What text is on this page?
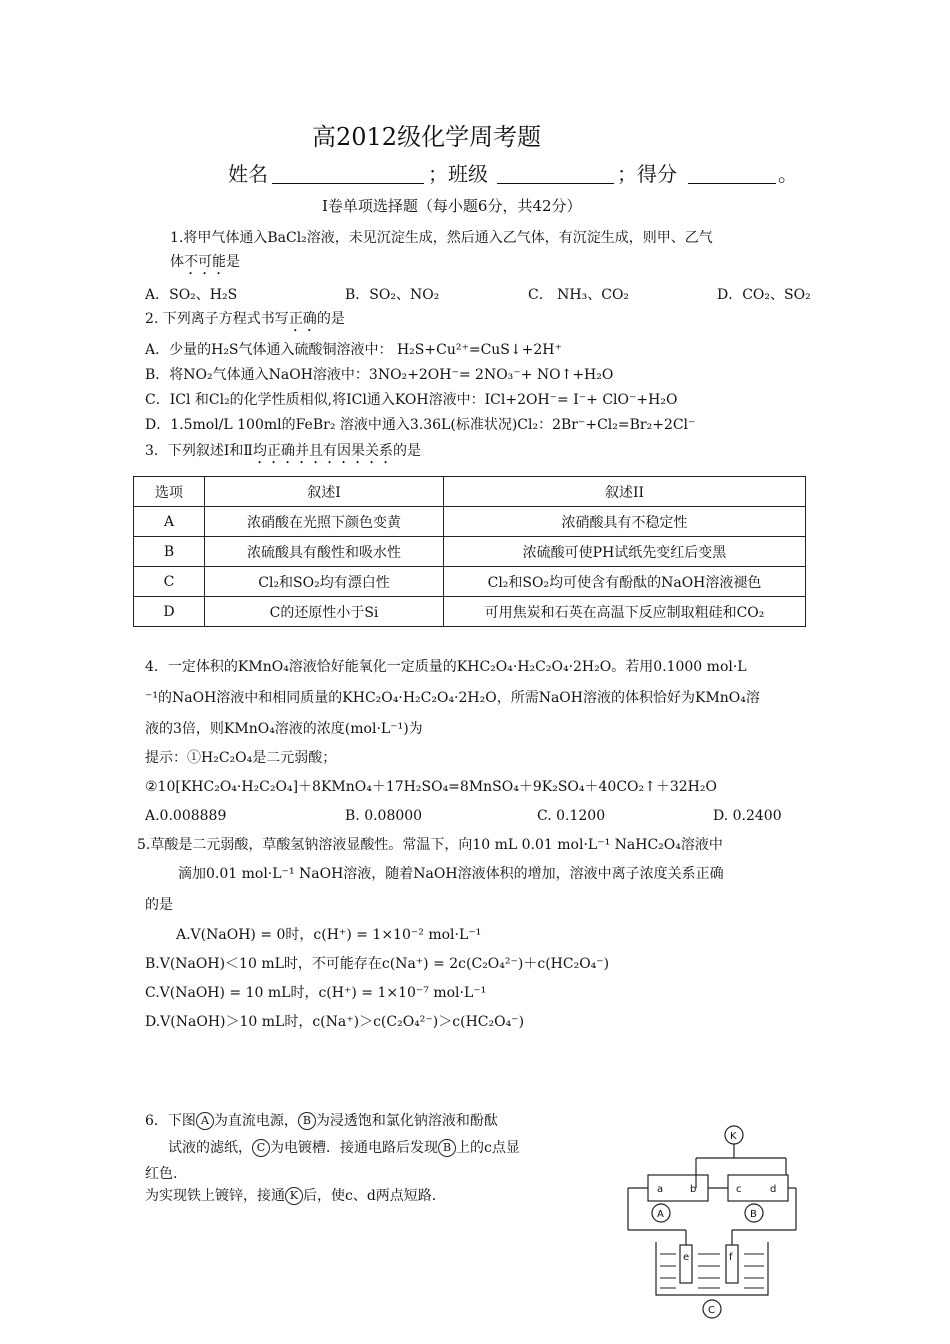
高2012级化学周考题
姓名	；班级	；得分	。
Ⅰ卷单项选择题（每小题6分，共42分）
1.将甲气体通入BaCl₂溶液，未见沉淀生成，然后通入乙气体，有沉淀生成，则甲、乙气
体不可能是
A．SO₂、H₂S	B．SO₂、NO₂	C． NH₃、CO₂	D．CO₂、SO₂
2. 下列离子方程式书写正确的是
A．少量的H₂S气体通入硫酸铜溶液中： H₂S+Cu²⁺=CuS↓+2H⁺
B．将NO₂气体通入NaOH溶液中：3NO₂+2OH⁻= 2NO₃⁻+ NO↑+H₂O
C．ICl 和Cl₂的化学性质相似,将ICl通入KOH溶液中：ICl+2OH⁻= I⁻+ ClO⁻+H₂O
D．1.5mol/L 100ml的FeBr₂ 溶液中通入3.36L(标准状况)Cl₂：2Br⁻+Cl₂=Br₂+2Cl⁻
3．下列叙述Ⅰ和Ⅱ均正确并且有因果关系的是
选项	叙述Ⅰ	叙述II
A	浓硝酸在光照下颜色变黄	浓硝酸具有不稳定性
B	浓硫酸具有酸性和吸水性	浓硫酸可使PH试纸先变红后变黑
C	Cl₂和SO₂均有漂白性	Cl₂和SO₂均可使含有酚酞的NaOH溶液褪色
D	C的还原性小于Si	可用焦炭和石英在高温下反应制取粗硅和CO₂
4．一定体积的KMnO₄溶液恰好能氧化一定质量的KHC₂O₄·H₂C₂O₄·2H₂O。若用0.1000 mol·L
⁻¹的NaOH溶液中和相同质量的KHC₂O₄·H₂C₂O₄·2H₂O，所需NaOH溶液的体积恰好为KMnO₄溶
液的3倍，则KMnO₄溶液的浓度(mol·L⁻¹)为
提示：①H₂C₂O₄是二元弱酸；
②10[KHC₂O₄·H₂C₂O₄]＋8KMnO₄＋17H₂SO₄=8MnSO₄＋9K₂SO₄＋40CO₂↑＋32H₂O
A.0.008889	B. 0.08000	C. 0.1200	D. 0.2400
5.草酸是二元弱酸，草酸氢钠溶液显酸性。常温下，向10 mL 0.01 mol·L⁻¹ NaHC₂O₄溶液中
滴加0.01 mol·L⁻¹ NaOH溶液，随着NaOH溶液体积的增加，溶液中离子浓度关系正确
的是
A.V(NaOH) = 0时，c(H⁺) = 1×10⁻² mol·L⁻¹
B.V(NaOH)＜10 mL时，不可能存在c(Na⁺) = 2c(C₂O₄²⁻)＋c(HC₂O₄⁻)
C.V(NaOH) = 10 mL时，c(H⁺) = 1×10⁻⁷ mol·L⁻¹
D.V(NaOH)＞10 mL时，c(Na⁺)＞c(C₂O₄²⁻)＞c(HC₂O₄⁻)
6．下图 A 为直流电源， B 为浸透饱和氯化钠溶液和酚酞
试液的滤纸， C 为电镀槽．接通电路后发现 B 上的c点显
红色.
为实现铁上镀锌，接通 K 后，使c、d两点短路．
K
a	b	c	d
A	B
e	f
C
